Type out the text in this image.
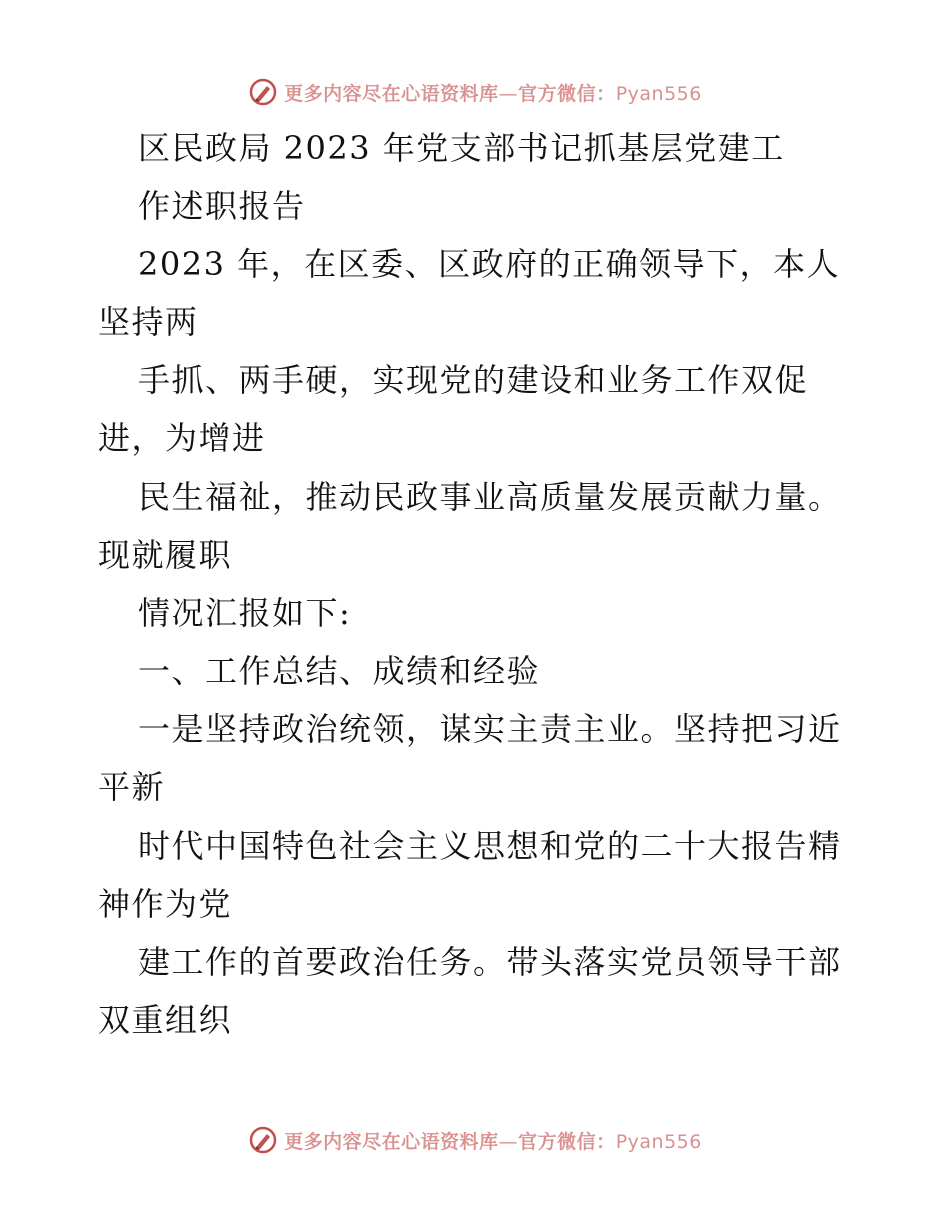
更多内容尽在心语资料库—官方微信：Pyan556
区民政局 2023 年党支部书记抓基层党建工
作述职报告
2023 年，在区委、区政府的正确领导下，本人
坚持两
手抓、两手硬，实现党的建设和业务工作双促
进，为增进
民生福祉，推动民政事业高质量发展贡献力量。
现就履职
情况汇报如下:
一、工作总结、成绩和经验
一是坚持政治统领，谋实主责主业。坚持把习近
平新
时代中国特色社会主义思想和党的二十大报告精
神作为党
建工作的首要政治任务。带头落实党员领导干部
双重组织
更多内容尽在心语资料库—官方微信：Pyan556
